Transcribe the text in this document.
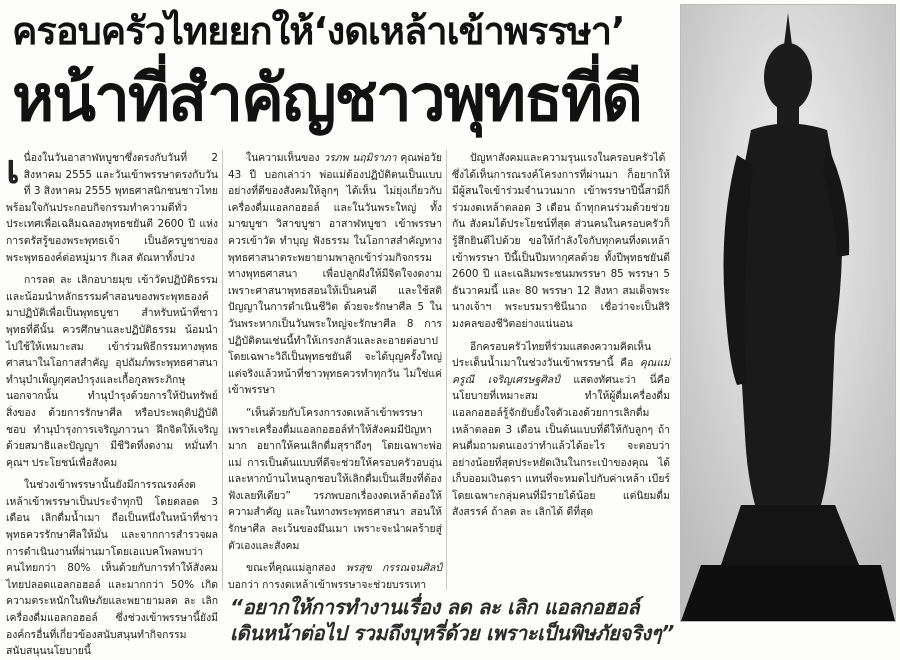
ครอบครัวไทยยกให้‘งดเหล้าเข้าพรรษา’
หน้าที่สำคัญชาวพุทธที่ดี

เนื่องในวันอาสาฬหบูชาซึ่งตรงกับวันที่ 2 สิงหาคม 2555 และวันเข้าพรรษาตรงกับวันที่ 3 สิงหาคม 2555 พุทธศาสนิกชนชาวไทยพร้อมใจกันประกอบกิจกรรมทำความดีทั่วประเทศเพื่อเฉลิมฉลองพุทธชยันตี 2600 ปี แห่งการตรัสรู้ของพระพุทธเจ้า เป็นอัครบูชาของพระพุทธองค์ต่อหมู่มาร กิเลส ตัณหาทั้งปวง

การลด ละ เลิกอบายมุข เข้าวัดปฏิบัติธรรม และน้อมนำหลักธรรมคำสอนของพระพุทธองค์มาปฏิบัติเพื่อเป็นพุทธบูชา สำหรับหน้าที่ชาวพุทธที่ดีนั้น ควรศึกษาและปฏิบัติธรรม น้อมนำไปใช้ให้เหมาะสม เข้าร่วมพิธีกรรมทางพุทธศาสนาในโอกาสสำคัญ อุปถัมภ์พระพุทธศาสนา ทำนุบำเพ็ญกุศลบำรุงและเกื้อกูลพระภิกษุ นอกจากนั้น ทำนุบำรุงด้วยการให้ปันทรัพย์สิ่งของ ด้วยการรักษาศีล หรือประพฤติปฏิบัติชอบ ทำนุบำรุงการเจริญภาวนา ฝึกจิตให้เจริญด้วยสมาธิและปัญญา มีชีวิตที่งดงาม หมั่นทำคุณฯ ประโยชน์เพื่อสังคม

ในช่วงเข้าพรรษานั้นยังมีการรณรงค์งดเหล้าเข้าพรรษาเป็นประจำทุกปี โดยตลอด 3 เดือน เลิกดื่มน้ำเมา ถือเป็นหนึ่งในหน้าที่ชาวพุทธควรรักษาศีลให้มั่น และจากการสำรวจผลการดำเนินงานที่ผ่านมาโดยเอแบคโพลพบว่า คนไทยกว่า 80% เห็นด้วยกับการทำให้สังคมไทยปลอดแอลกอฮอล์ และมากกว่า 50% เกิดความตระหนักในพิษภัยและพยายามลด ละ เลิก เครื่องดื่มแอลกอฮอล์ ซึ่งช่วงเข้าพรรษานี้ยังมีองค์กรอื่นที่เกี่ยวข้องสนับสนุนทำกิจกรรม สนับสนุนนโยบายนี้

ในความเห็นของ วรภพ นฤมิราภา คุณพ่อวัย 43 ปี บอกเล่าว่า พ่อแม่ต้องปฏิบัติตนเป็นแบบอย่างที่ดีของสังคมให้ลูกๆ ได้เห็น ไม่ยุ่งเกี่ยวกับเครื่องดื่มแอลกอฮอล์ และในวันพระใหญ่ ทั้งมาฆบูชา วิสาขบูชา อาสาฬหบูชา เข้าพรรษา ควรเข้าวัด ทำบุญ ฟังธรรม ในโอกาสสำคัญทางพุทธศาสนาตระพยายามพาลูกเข้าร่วมกิจกรรมทางพุทธศาสนา เพื่อปลูกฝังให้มีจิตใจงดงาม เพราะศาสนาพุทธสอนให้เป็นคนดี และใช้สติปัญญาในการดำเนินชีวิต ด้วยจะรักษาศีล 5 ในวันพระหากเป็นวันพระใหญ่จะรักษาศีล 8 การปฏิบัติตนเช่นนี้ทำให้เกรงกลัวและละอายต่อบาป โดยเฉพาะวิถีเป็นพุทธชยันตี จะได้บุญครั้งใหญ่ แต่จริงแล้วหน้าที่ชาวพุทธควรทำทุกวัน ไม่ใช่แค่เข้าพรรษา

“เห็นด้วยกับโครงการงดเหล้าเข้าพรรษา เพราะเครื่องดื่มแอลกอฮอล์ทำให้สังคมมีปัญหามาก อยากให้คนเลิกดื่มสุราถึงๆ โดยเฉพาะพ่อแม่ การเป็นต้นแบบที่ดีจะช่วยให้ครอบครัวอบอุ่นและหากบ้านไหนลูกชอบให้เลิกดื่มเป็นเสียงที่ต้องฟังเลยทีเดียว” วรภพบอกเรื่องงดเหล้าต้องให้ความสำคัญ และในทางพระพุทธศาสนา สอนให้รักษาศีล ละเว้นของมึนเมา เพราะจะนำผลร้ายสู่ตัวเองและสังคม

ขณะที่คุณแม่ลูกสอง พรสุข กรรณจนศิลป์ บอกว่า การงดเหล้าเข้าพรรษาจะช่วยบรรเทา

ปัญหาสังคมและความรุนแรงในครอบครัวได้ ซึ่งได้เห็นการณรงค์โครงการที่ผ่านมา ก็อยากให้มีผู้สนใจเข้าร่วมจำนวนมาก เข้าพรรษาปีนี้สามีก็ร่วมงดเหล้าตลอด 3 เดือน ถ้าทุกคนร่วมด้วยช่วยกัน สังคมได้ประโยชน์ที่สุด ส่วนคนในครอบครัวก็รู้สึกยินดีไปด้วย ขอให้กำลังใจกับทุกคนที่งดเหล้าเข้าพรรษา ปีนี้เป็นปีมหากุศลด้วย ทั้งปีพุทธชยันตี 2600 ปี และเฉลิมพระชนมพรรษา 85 พรรษา 5 ธันวาคมนี้ และ 80 พรรษา 12 สิงหา สมเด็จพระนางเจ้าฯ พระบรมราชินีนาถ เชื่อว่าจะเป็นสิริมงคลของชีวิตอย่างแน่นอน

อีกครอบครัวไทยที่ร่วมแสดงความคิดเห็นประเด็นน้ำเมาในช่วงวันเข้าพรรษานี้ คือ คุณแม่ครูณี เจริญเศรษฐศิลป์ แสดงทัศนะว่า นี่คือนโยบายที่เหมาะสม ทำให้ผู้ดื่มเครื่องดื่มแอลกอฮอล์รู้จักยับยั้งใจตัวเองด้วยการเลิกดื่มเหล้าตลอด 3 เดือน เป็นต้นแบบที่ดีให้กับลูกๆ ถ้าคนดื่มถามตนเองว่าทำแล้วได้อะไร จะตอบว่าอย่างน้อยที่สุดประหยัดเงินในกระเป๋าของคุณ ได้เก็บออมเงินตรา แทนที่จะหมดไปกับค่าเหล้า เบียร์ โดยเฉพาะกลุ่มคนที่มีรายได้น้อย แต่นิยมดื่มสังสรรค์ ถ้าลด ละ เลิกได้ ดีที่สุด

“อยากให้การทำงานเรื่อง ลด ละ เลิก แอลกอฮอล์
เดินหน้าต่อไป รวมถึงบุหรี่ด้วย เพราะเป็นพิษภัยจริงๆ”
